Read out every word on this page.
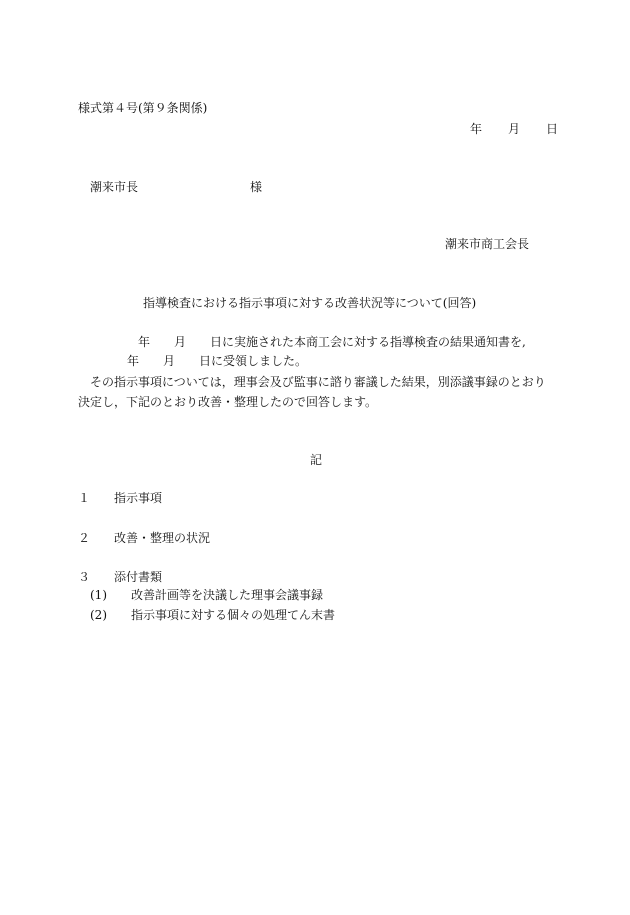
様式第４号(第９条関係)
年 月 日
潮来市長	様
潮来市商工会長
指導検査における指示事項に対する改善状況等について(回答)
年 月 日に実施された本商工会に対する指導検査の結果通知書を,
年 月 日に受領しました。
その指示事項については，理事会及び監事に諮り審議した結果，別添議事録のとおり
決定し，下記のとおり改善・整理したので回答します。
記
１ 指示事項
２ 改善・整理の状況
３ 添付書類
(1) 改善計画等を決議した理事会議事録
(2) 指示事項に対する個々の処理てん末書
